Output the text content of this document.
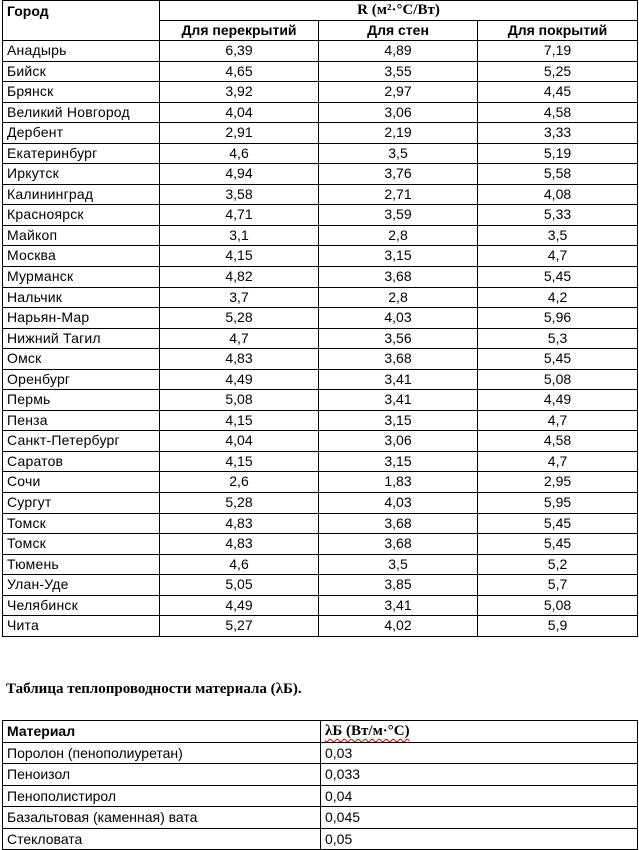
Город	R (м²·°С/Вт)		
	Для перекрытий	Для стен	Для покрытий
Анадырь	6,39	4,89	7,19
Бийск	4,65	3,55	5,25
Брянск	3,92	2,97	4,45
Великий Новгород	4,04	3,06	4,58
Дербент	2,91	2,19	3,33
Екатеринбург	4,6	3,5	5,19
Иркутск	4,94	3,76	5,58
Калининград	3,58	2,71	4,08
Красноярск	4,71	3,59	5,33
Майкоп	3,1	2,8	3,5
Москва	4,15	3,15	4,7
Мурманск	4,82	3,68	5,45
Нальчик	3,7	2,8	4,2
Нарьян-Мар	5,28	4,03	5,96
Нижний Тагил	4,7	3,56	5,3
Омск	4,83	3,68	5,45
Оренбург	4,49	3,41	5,08
Пермь	5,08	3,41	4,49
Пенза	4,15	3,15	4,7
Санкт-Петербург	4,04	3,06	4,58
Саратов	4,15	3,15	4,7
Сочи	2,6	1,83	2,95
Сургут	5,28	4,03	5,95
Томск	4,83	3,68	5,45
Томск	4,83	3,68	5,45
Тюмень	4,6	3,5	5,2
Улан-Уде	5,05	3,85	5,7
Челябинск	4,49	3,41	5,08
Чита	5,27	4,02	5,9
Таблица теплопроводности материала (λБ).
Материал	λБ (Вт/м·°С)
Поролон (пенополиуретан)	0,03
Пеноизол	0,033
Пенополистирол	0,04
Базальтовая (каменная) вата	0,045
Стекловата	0,05
